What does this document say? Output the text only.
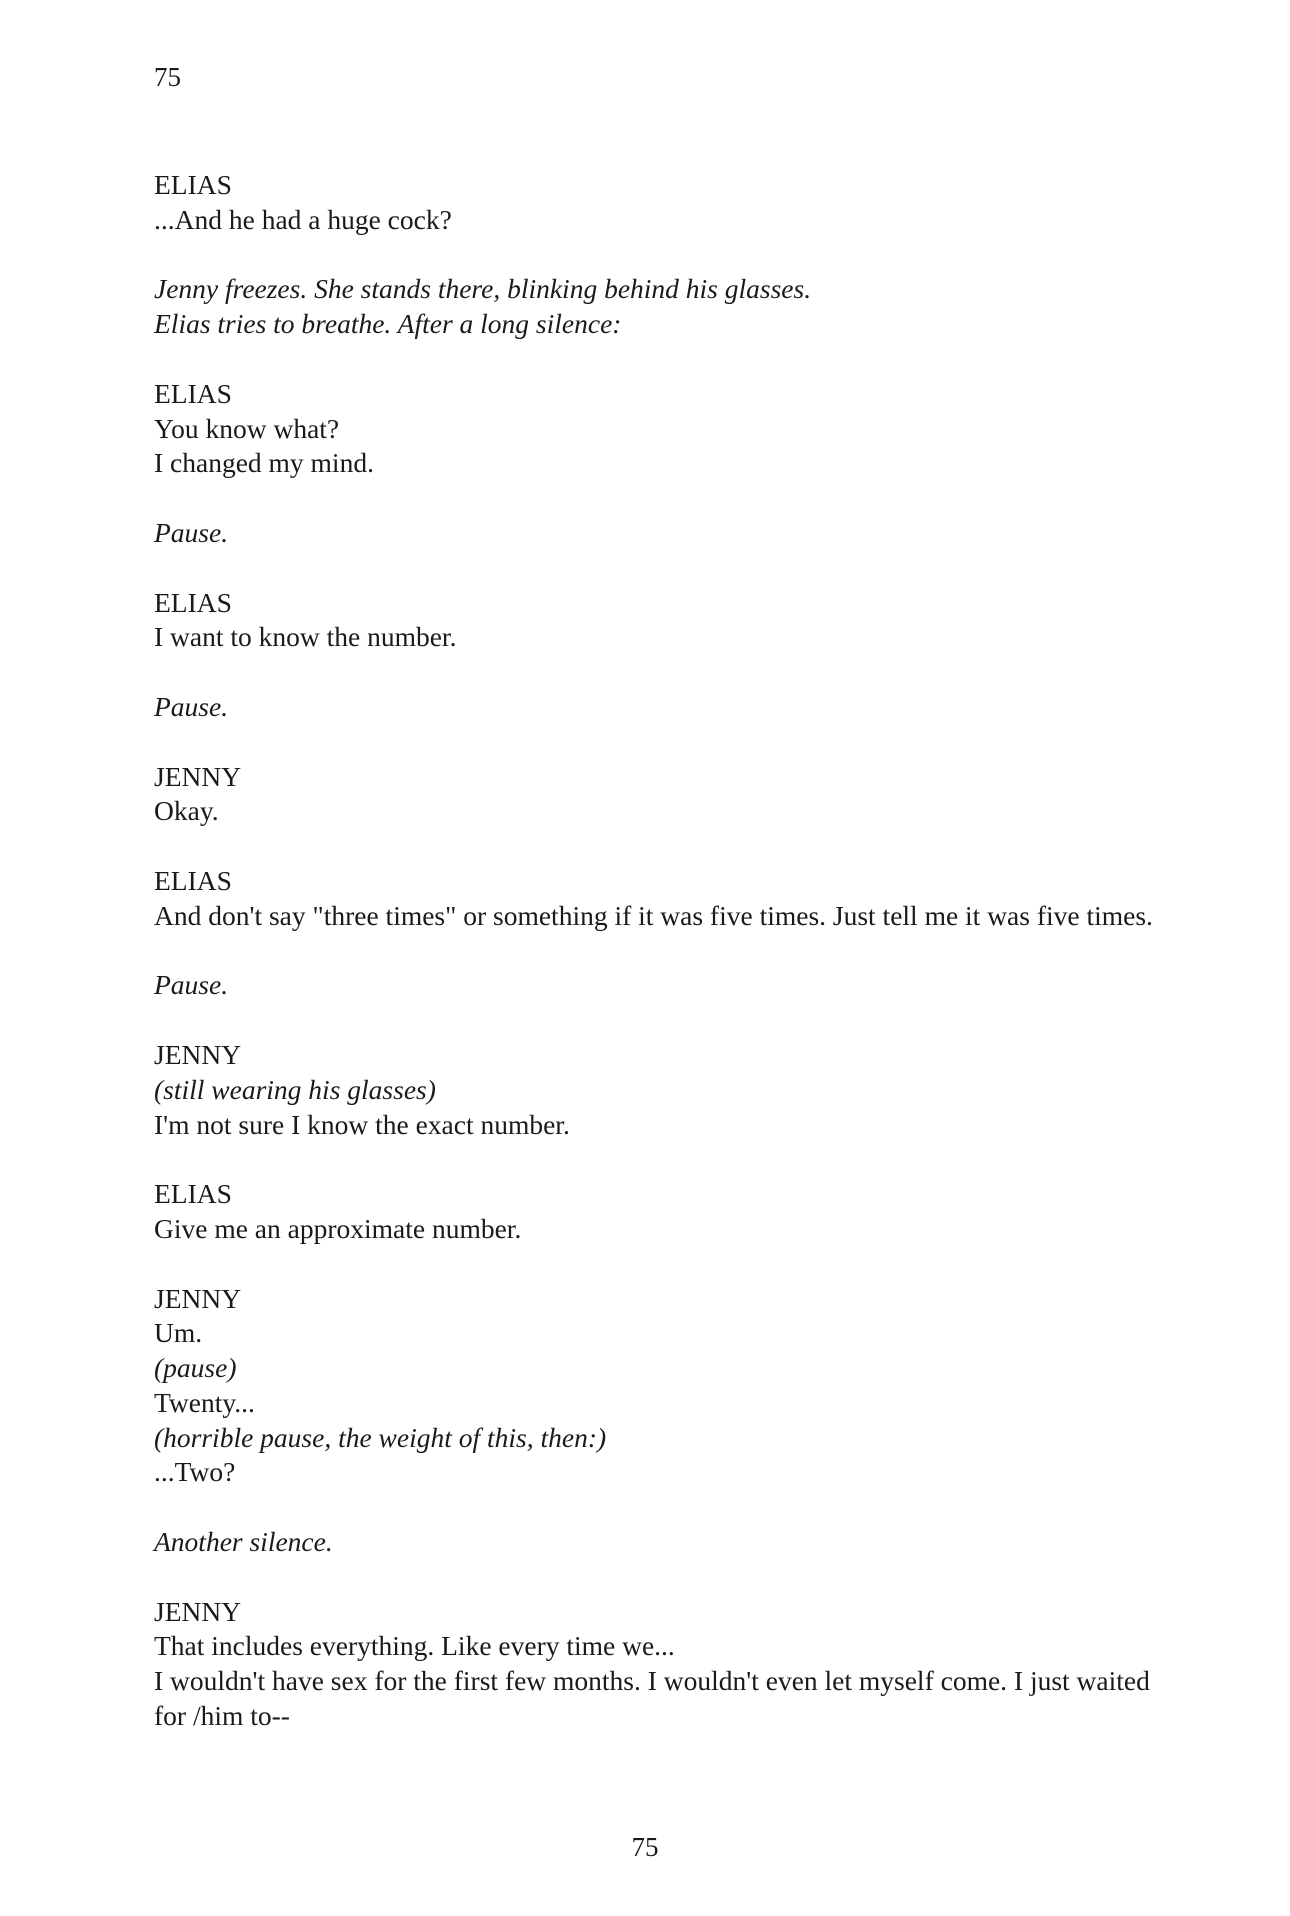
75
ELIAS
...And he had a huge cock?
Jenny freezes. She stands there, blinking behind his glasses.
Elias tries to breathe. After a long silence:
ELIAS
You know what?
I changed my mind.
Pause.
ELIAS
I want to know the number.
Pause.
JENNY
Okay.
ELIAS
And don't say "three times" or something if it was five times. Just tell me it was five times.
Pause.
JENNY
(still wearing his glasses)
I'm not sure I know the exact number.
ELIAS
Give me an approximate number.
JENNY
Um.
(pause)
Twenty...
(horrible pause, the weight of this, then:)
...Two?
Another silence.
JENNY
That includes everything. Like every time we...
I wouldn't have sex for the first few months. I wouldn't even let myself come. I just waited for /him to--
75
